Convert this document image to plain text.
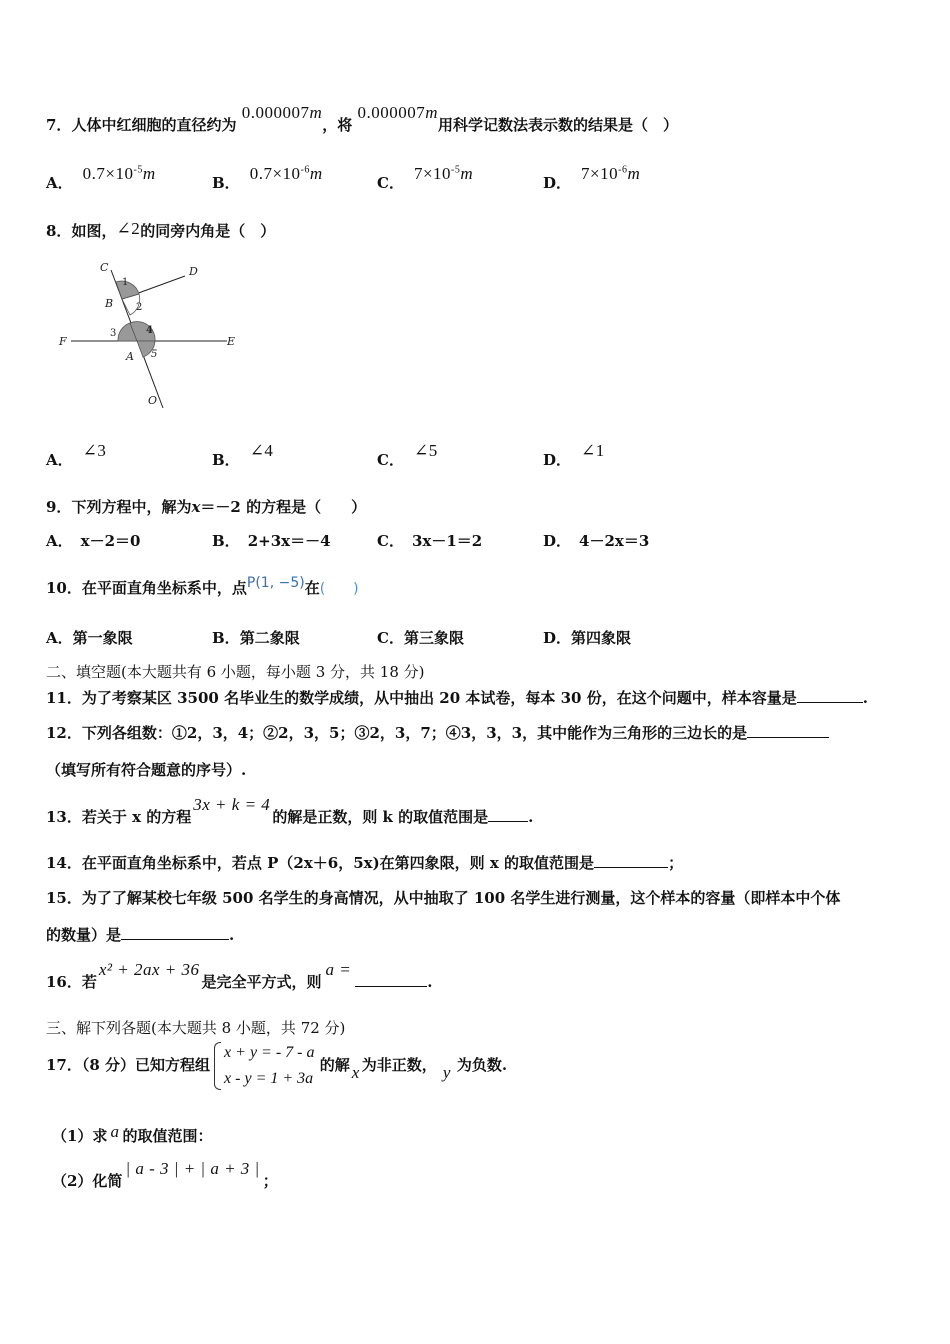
7．人体中红细胞的直径约为 0.000007m，将 0.000007m用科学记数法表示数的结果是（　）
A． $0.7\times 10^{-5}m$	B． $0.7\times 10^{-6}m$	C． $7\times 10^{-5}m$	D． $7\times 10^{-6}m$
8．如图，∠2的同旁内角是（　）
C	D
B
F	E
A
O
1
2
3	4
5
A． ∠3	B． ∠4	C． ∠5	D． ∠1
9．下列方程中，解为x＝－2 的方程是（　　）
A． x－2＝0	B． 2+3x＝－4	C． 3x－1＝2	D． 4－2x＝3
10．在平面直角坐标系中，点P(1, −5)在(　　)
A．第一象限	B．第二象限	C．第三象限	D．第四象限
二、填空题(本大题共有 6 小题，每小题 3 分，共 18 分)
11．为了考察某区 3500 名毕业生的数学成绩，从中抽出 20 本试卷，每本 30 份，在这个问题中，样本容量是	.
12．下列各组数：①2，3，4；②2，3，5；③2，3，7；④3，3，3，其中能作为三角形的三边长的是
（填写所有符合题意的序号）.
13．若关于 x 的方程3x + k = 4的解是正数，则 k 的取值范围是	.
14．在平面直角坐标系中，若点 P（2x＋6，5x)在第四象限，则 x 的取值范围是	；
15．为了了解某校七年级 500 名学生的身高情况，从中抽取了 100 名学生进行测量，这个样本的容量（即样本中个体
的数量）是	.
16．若x² + 2ax + 36是完全平方式，则a =.
三、解下列各题(本大题共 8 小题，共 72 分)
17．（8 分）已知方程组
x + y = - 7 - a
x - y = 1 + 3a
的解 x 为非正数， y 为负数.
（1）求 a 的取值范围：
（2）化简| a - 3 | + | a + 3 |；
